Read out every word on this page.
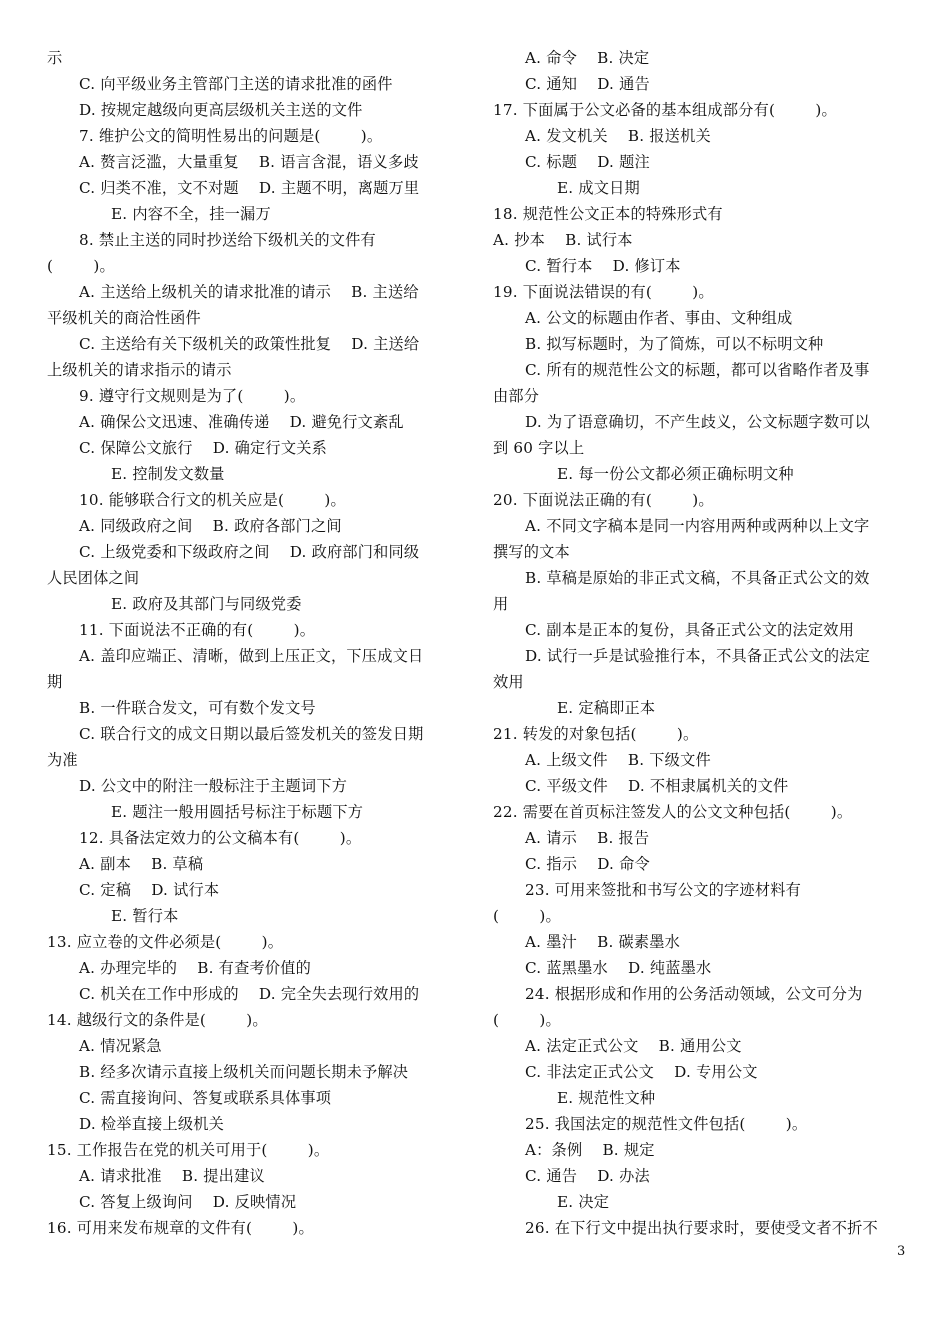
示
C. 向平级业务主管部门主送的请求批准的函件
D. 按规定越级向更高层级机关主送的文件
7. 维护公文的简明性易出的问题是(        )。
A. 赘言泛滥，大量重复    B. 语言含混，语义多歧
C. 归类不准，文不对题    D. 主题不明，离题万里
E. 内容不全，挂一漏万
8. 禁止主送的同时抄送给下级机关的文件有
(        )。
A. 主送给上级机关的请求批准的请示    B. 主送给
平级机关的商洽性函件
C. 主送给有关下级机关的政策性批复    D. 主送给
上级机关的请求指示的请示
9. 遵守行文规则是为了(        )。
A. 确保公文迅速、准确传递    D. 避免行文紊乱
C. 保障公文旅行    D. 确定行文关系
E. 控制发文数量
10. 能够联合行文的机关应是(        )。
A. 同级政府之间    B. 政府各部门之间
C. 上级党委和下级政府之间    D. 政府部门和同级
人民团体之间
E. 政府及其部门与同级党委
11. 下面说法不正确的有(        )。
A. 盖印应端正、清晰，做到上压正文，下压成文日
期
B. 一件联合发文，可有数个发文号
C. 联合行文的成文日期以最后签发机关的签发日期
为准
D. 公文中的附注一般标注于主题词下方
E. 题注一般用圆括号标注于标题下方
12. 具备法定效力的公文稿本有(        )。
A. 副本    B. 草稿
C. 定稿    D. 试行本
E. 暂行本
13. 应立卷的文件必须是(        )。
A. 办理完毕的    B. 有查考价值的
C. 机关在工作中形成的    D. 完全失去现行效用的
14. 越级行文的条件是(        )。
A. 情况紧急
B. 经多次请示直接上级机关而问题长期未予解决
C. 需直接询问、答复或联系具体事项
D. 检举直接上级机关
15. 工作报告在党的机关可用于(        )。
A. 请求批准    B. 提出建议
C. 答复上级询问    D. 反映情况
16. 可用来发布规章的文件有(        )。
A. 命令    B. 决定
C. 通知    D. 通告
17. 下面属于公文必备的基本组成部分有(        )。
A. 发文机关    B. 报送机关
C. 标题    D. 题注
E. 成文日期
18. 规范性公文正本的特殊形式有
A. 抄本    B. 试行本
C. 暂行本    D. 修订本
19. 下面说法错误的有(        )。
A. 公文的标题由作者、事由、文种组成
B. 拟写标题时，为了简炼，可以不标明文种
C. 所有的规范性公文的标题，都可以省略作者及事
由部分
D. 为了语意确切，不产生歧义，公文标题字数可以
到 60 字以上
E. 每一份公文都必须正确标明文种
20. 下面说法正确的有(        )。
A. 不同文字稿本是同一内容用两种或两种以上文字
撰写的文本
B. 草稿是原始的非正式文稿，不具备正式公文的效
用
C. 副本是正本的复份，具备正式公文的法定效用
D. 试行一乒是试验推行本，不具备正式公文的法定
效用
E. 定稿即正本
21. 转发的对象包括(        )。
A. 上级文件    B. 下级文件
C. 平级文件    D. 不相隶属机关的文件
22. 需要在首页标注签发人的公文文种包括(        )。
A. 请示    B. 报告
C. 指示    D. 命令
23. 可用来签批和书写公文的字迹材料有
(        )。
A. 墨汁    B. 碳素墨水
C. 蓝黑墨水    D. 纯蓝墨水
24. 根据形成和作用的公务活动领域，公文可分为
(        )。
A. 法定正式公文    B. 通用公文
C. 非法定正式公文    D. 专用公文
E. 规范性文种
25. 我国法定的规范性文件包括(        )。
A：条例    B. 规定
C. 通告    D. 办法
E. 决定
26. 在下行文中提出执行要求时，要使受文者不折不
3
